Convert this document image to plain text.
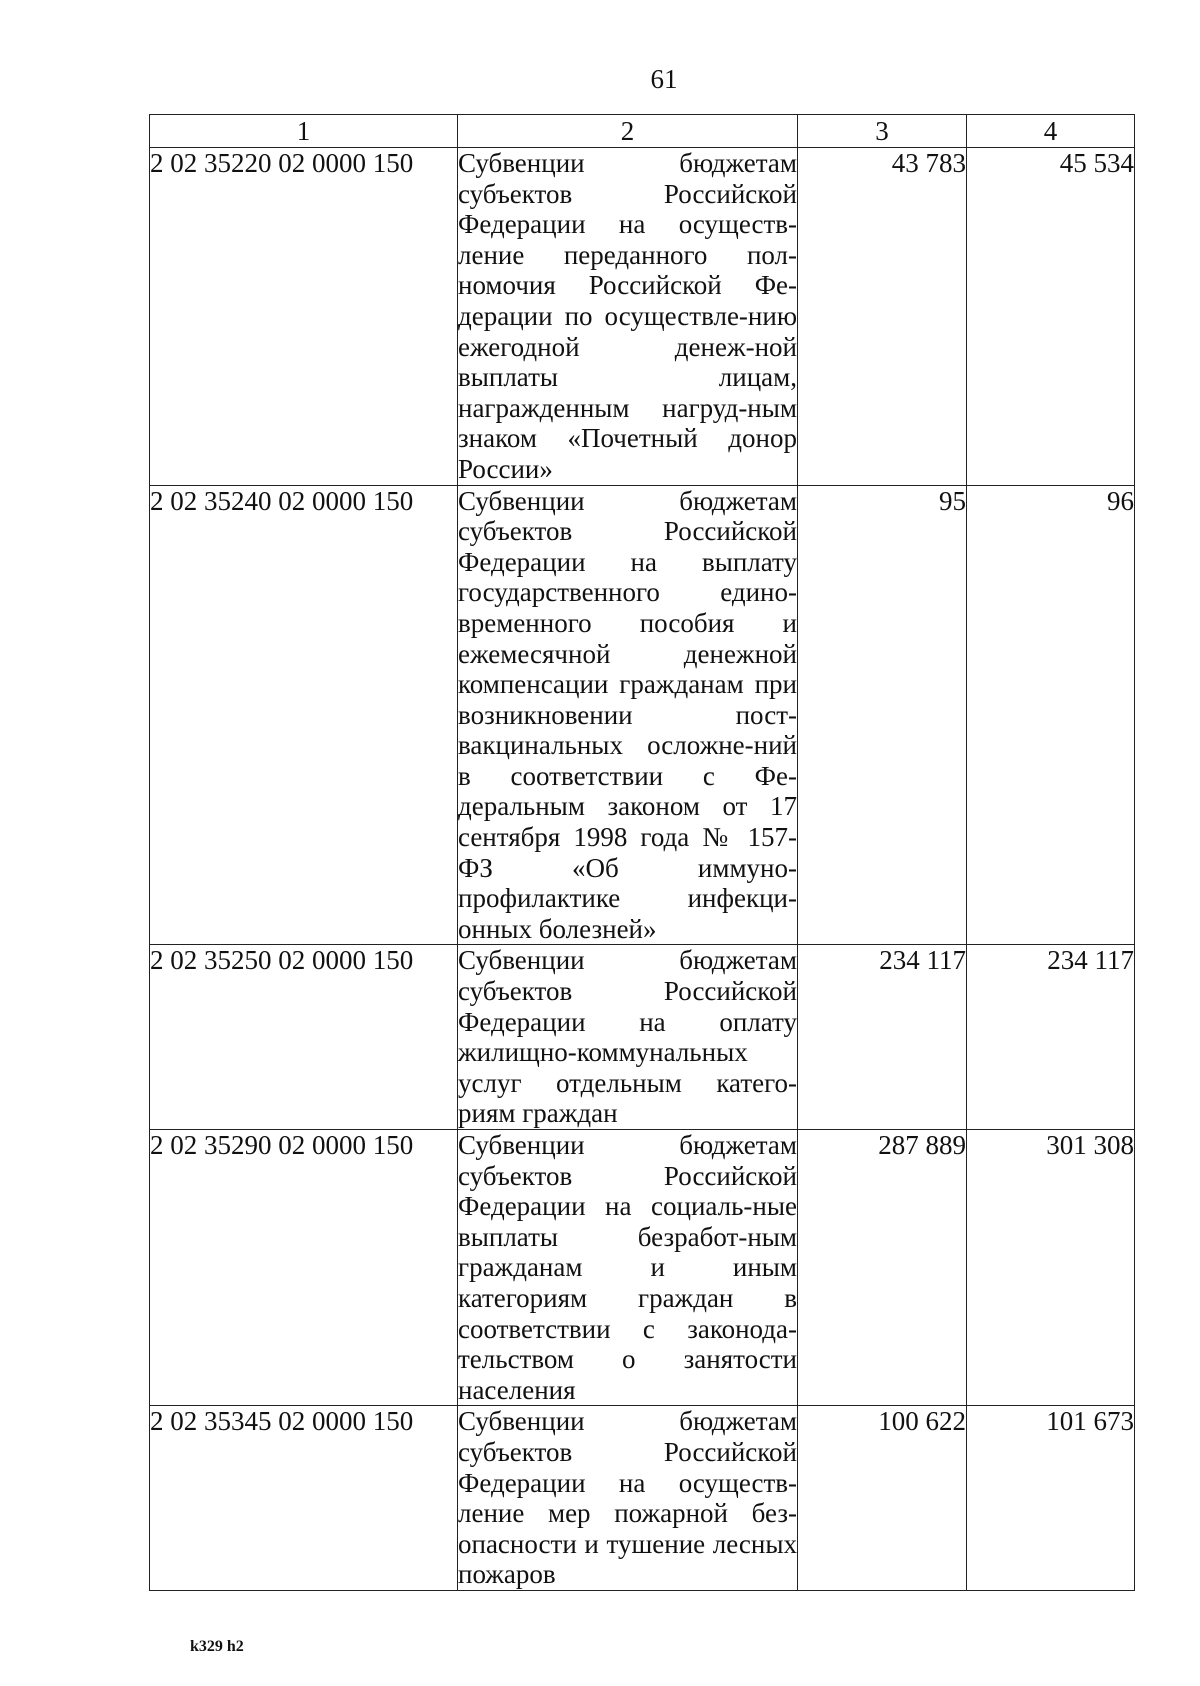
61
1	2	3	4
2 02 35220 02 0000 150	Субвенции бюджетам субъектов Российской Федерации на осуществ-ление переданного пол-номочия Российской Фе-дерации по осуществле-нию ежегодной денеж-ной выплаты лицам, награжденным нагруд-ным знаком «Почетный донор России»	43 783	45 534
2 02 35240 02 0000 150	Субвенции бюджетам субъектов Российской Федерации на выплату государственного едино-временного пособия и ежемесячной денежной компенсации гражданам при возникновении пост-вакцинальных осложне-ний в соответствии с Фе-деральным законом от 17 сентября 1998 года № 157-ФЗ «Об иммуно-профилактике инфекци-онных болезней»	95	96
2 02 35250 02 0000 150	Субвенции бюджетам субъектов Российской Федерации на оплату жилищно-коммунальных услуг отдельным катего-риям граждан	234 117	234 117
2 02 35290 02 0000 150	Субвенции бюджетам субъектов Российской Федерации на социаль-ные выплаты безработ-ным гражданам и иным категориям граждан в соответствии с законода-тельством о занятости населения	287 889	301 308
2 02 35345 02 0000 150	Субвенции бюджетам субъектов Российской Федерации на осуществ-ление мер пожарной без-опасности и тушение лесных пожаров	100 622	101 673
k329 h2
